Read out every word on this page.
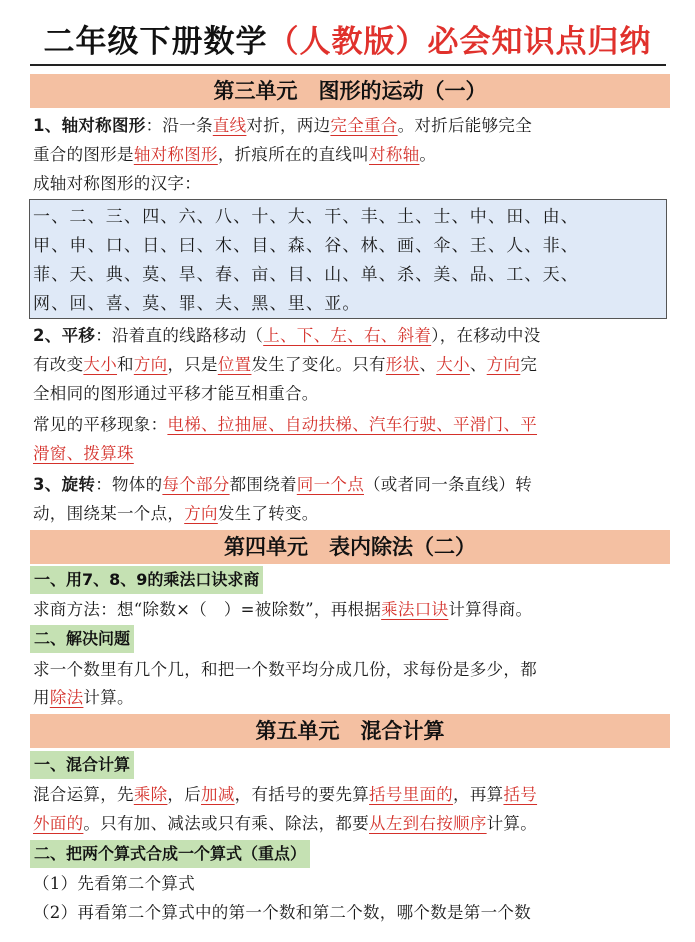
二年级下册数学（人教版）必会知识点归纳
第三单元　图形的运动（一）
1、轴对称图形：沿一条直线对折，两边完全重合。对折后能够完全
重合的图形是轴对称图形，折痕所在的直线叫对称轴。
成轴对称图形的汉字：
一、二、三、四、六、八、十、大、干、丰、土、士、中、田、由、
甲、申、口、日、曰、木、目、森、谷、林、画、伞、王、人、非、
菲、天、典、莫、旱、春、亩、目、山、单、杀、美、品、工、天、
网、回、喜、莫、罪、夫、黑、里、亚。
2、平移：沿着直的线路移动（上、下、左、右、斜着），在移动中没
有改变大小和方向，只是位置发生了变化。只有形状、大小、方向完
全相同的图形通过平移才能互相重合。
常见的平移现象：电梯、拉抽屉、自动扶梯、汽车行驶、平滑门、平
滑窗、拨算珠
3、旋转：物体的每个部分都围绕着同一个点（或者同一条直线）转
动，围绕某一个点，方向发生了转变。
第四单元　表内除法（二）
一、用7、8、9的乘法口诀求商
求商方法：想“除数×（　）=被除数”，再根据乘法口诀计算得商。
二、解决问题
求一个数里有几个几，和把一个数平均分成几份，求每份是多少，都
用除法计算。
第五单元　混合计算
一、混合计算
混合运算，先乘除，后加减，有括号的要先算括号里面的，再算括号
外面的。只有加、减法或只有乘、除法，都要从左到右按顺序计算。
二、把两个算式合成一个算式（重点）
（1）先看第二个算式
（2）再看第二个算式中的第一个数和第二个数，哪个数是第一个数
